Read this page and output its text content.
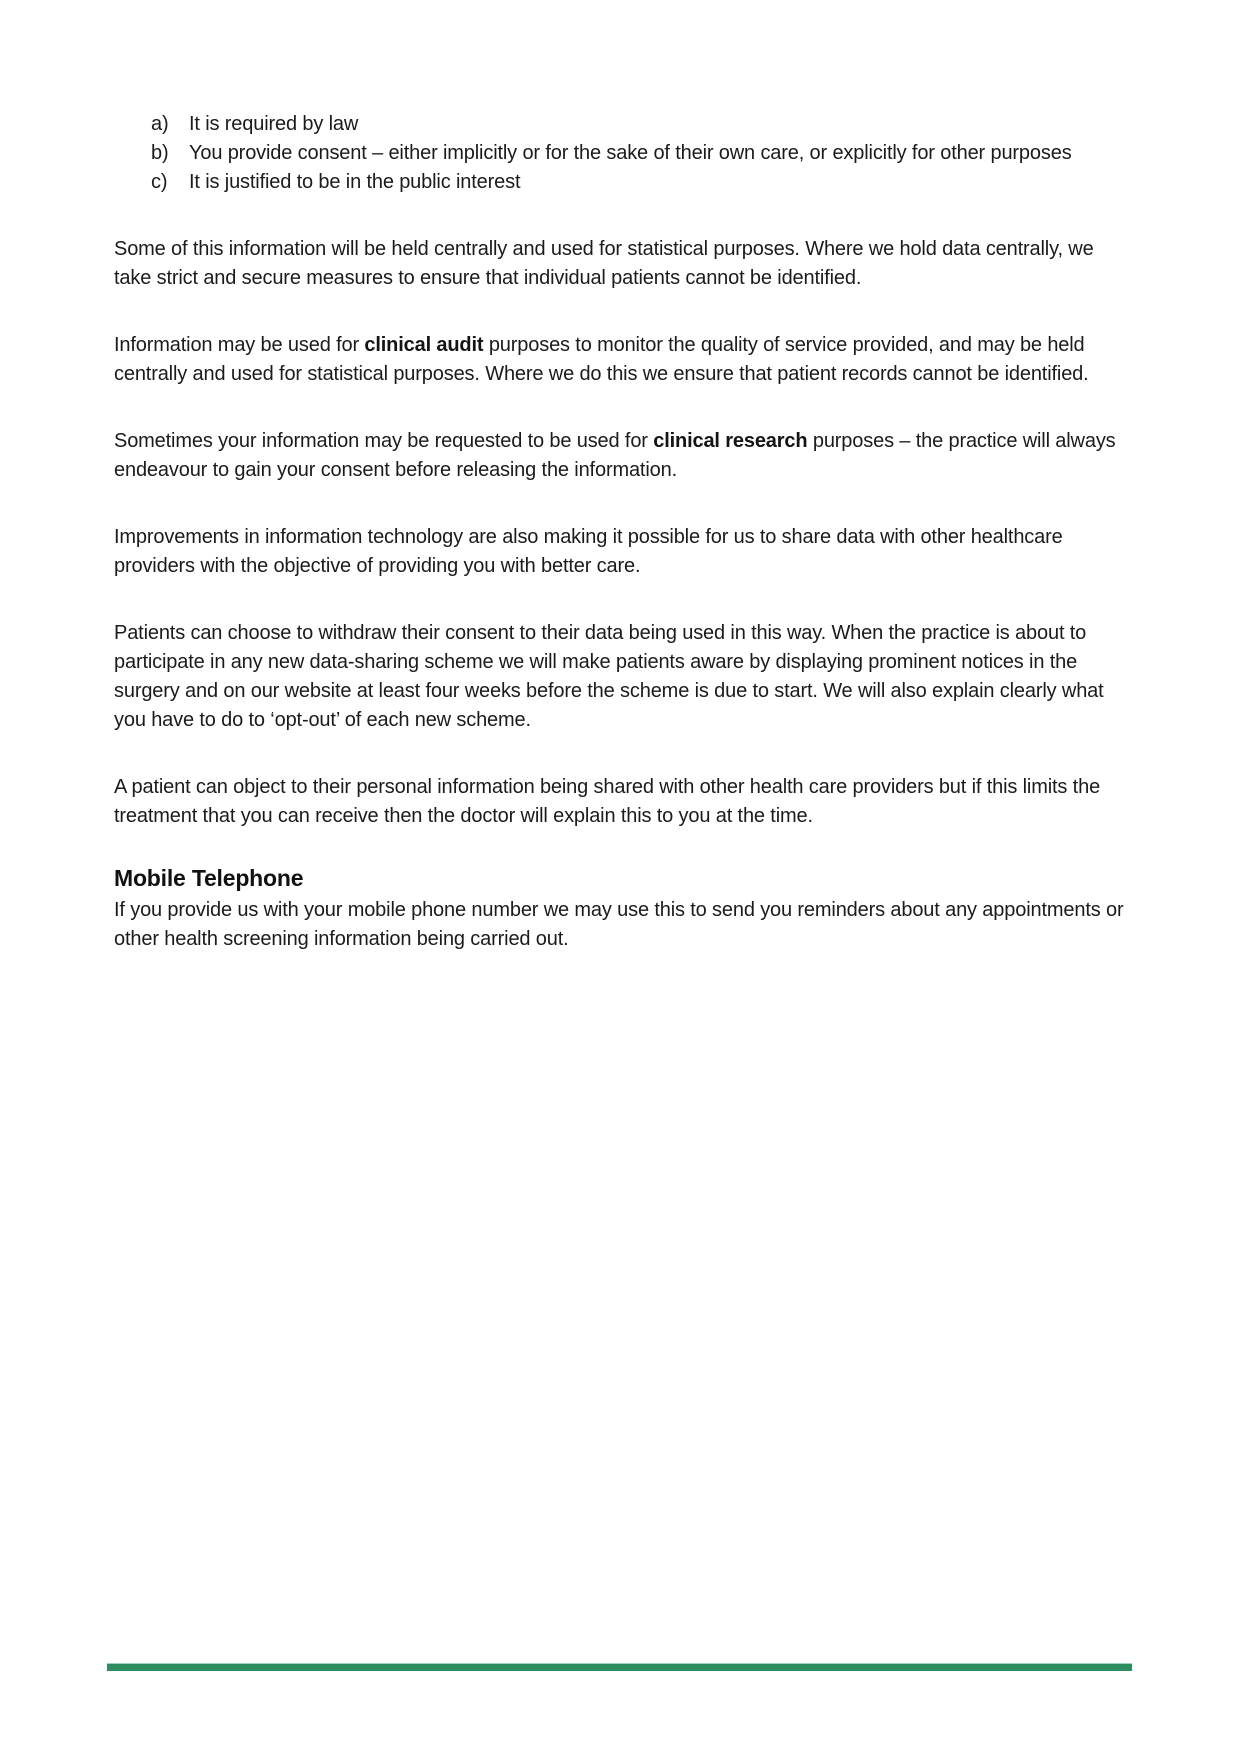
a)	It is required by law
b)	You provide consent – either implicitly or for the sake of their own care, or explicitly for other purposes
c)	It is justified to be in the public interest

Some of this information will be held centrally and used for statistical purposes. Where we hold data centrally, we take strict and secure measures to ensure that individual patients cannot be identified.

Information may be used for clinical audit purposes to monitor the quality of service provided, and may be held centrally and used for statistical purposes. Where we do this we ensure that patient records cannot be identified.

Sometimes your information may be requested to be used for clinical research purposes – the practice will always endeavour to gain your consent before releasing the information.

Improvements in information technology are also making it possible for us to share data with other healthcare providers with the objective of providing you with better care.

Patients can choose to withdraw their consent to their data being used in this way. When the practice is about to participate in any new data-sharing scheme we will make patients aware by displaying prominent notices in the surgery and on our website at least four weeks before the scheme is due to start. We will also explain clearly what you have to do to ‘opt-out’ of each new scheme.

A patient can object to their personal information being shared with other health care providers but if this limits the treatment that you can receive then the doctor will explain this to you at the time.

Mobile Telephone

If you provide us with your mobile phone number we may use this to send you reminders about any appointments or other health screening information being carried out.
